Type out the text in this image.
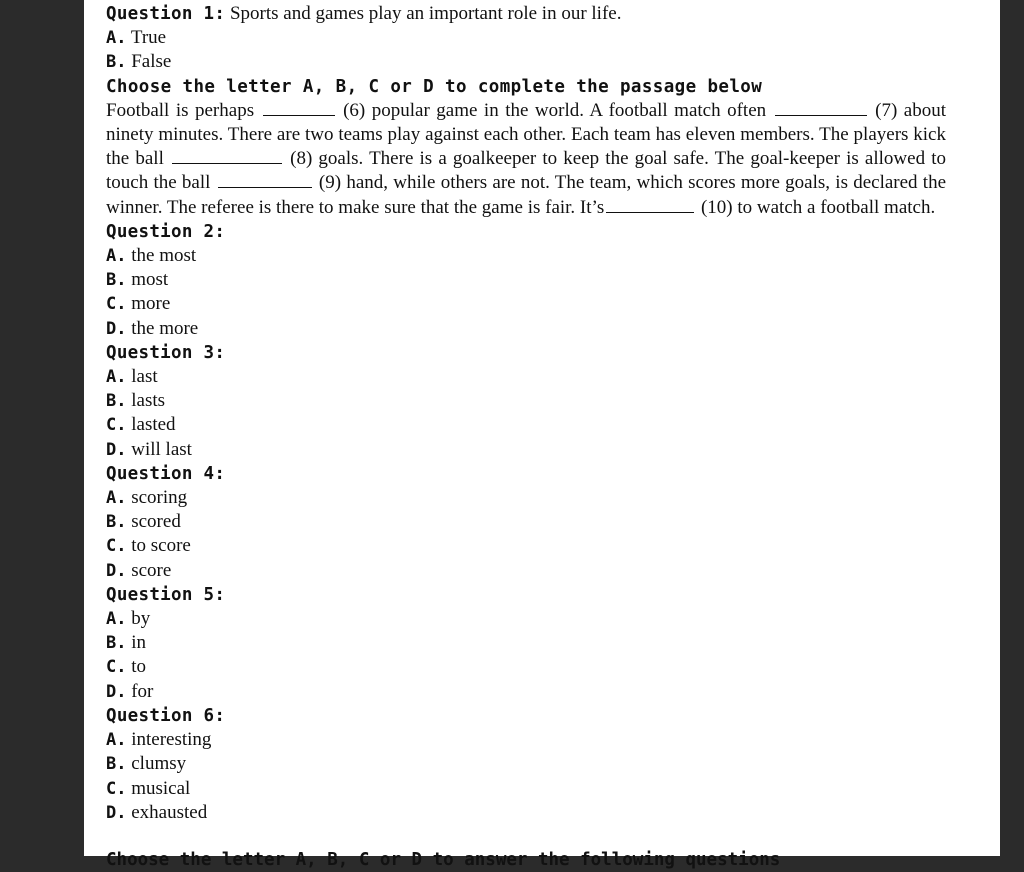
Question 1: Sports and games play an important role in our life.
A. True
B. False
Choose the letter A, B, C or D to complete the passage below
Football is perhaps	(6) popular game in the world. A football match often	(7) about ninety minutes. There are two teams play against each other. Each team has eleven members. The players kick the ball	(8) goals. There is a goalkeeper to keep the goal safe. The goal-keeper is allowed to touch the ball	(9) hand, while others are not. The team, which scores more goals, is declared the winner. The referee is there to make sure that the game is fair. It’s	(10) to watch a football match.
Question 2:
A. the most
B. most
C. more
D. the more
Question 3:
A. last
B. lasts
C. lasted
D. will last
Question 4:
A. scoring
B. scored
C. to score
D. score
Question 5:
A. by
B. in
C. to
D. for
Question 6:
A. interesting
B. clumsy
C. musical
D. exhausted
Choose the letter A, B, C or D to answer the following questions
